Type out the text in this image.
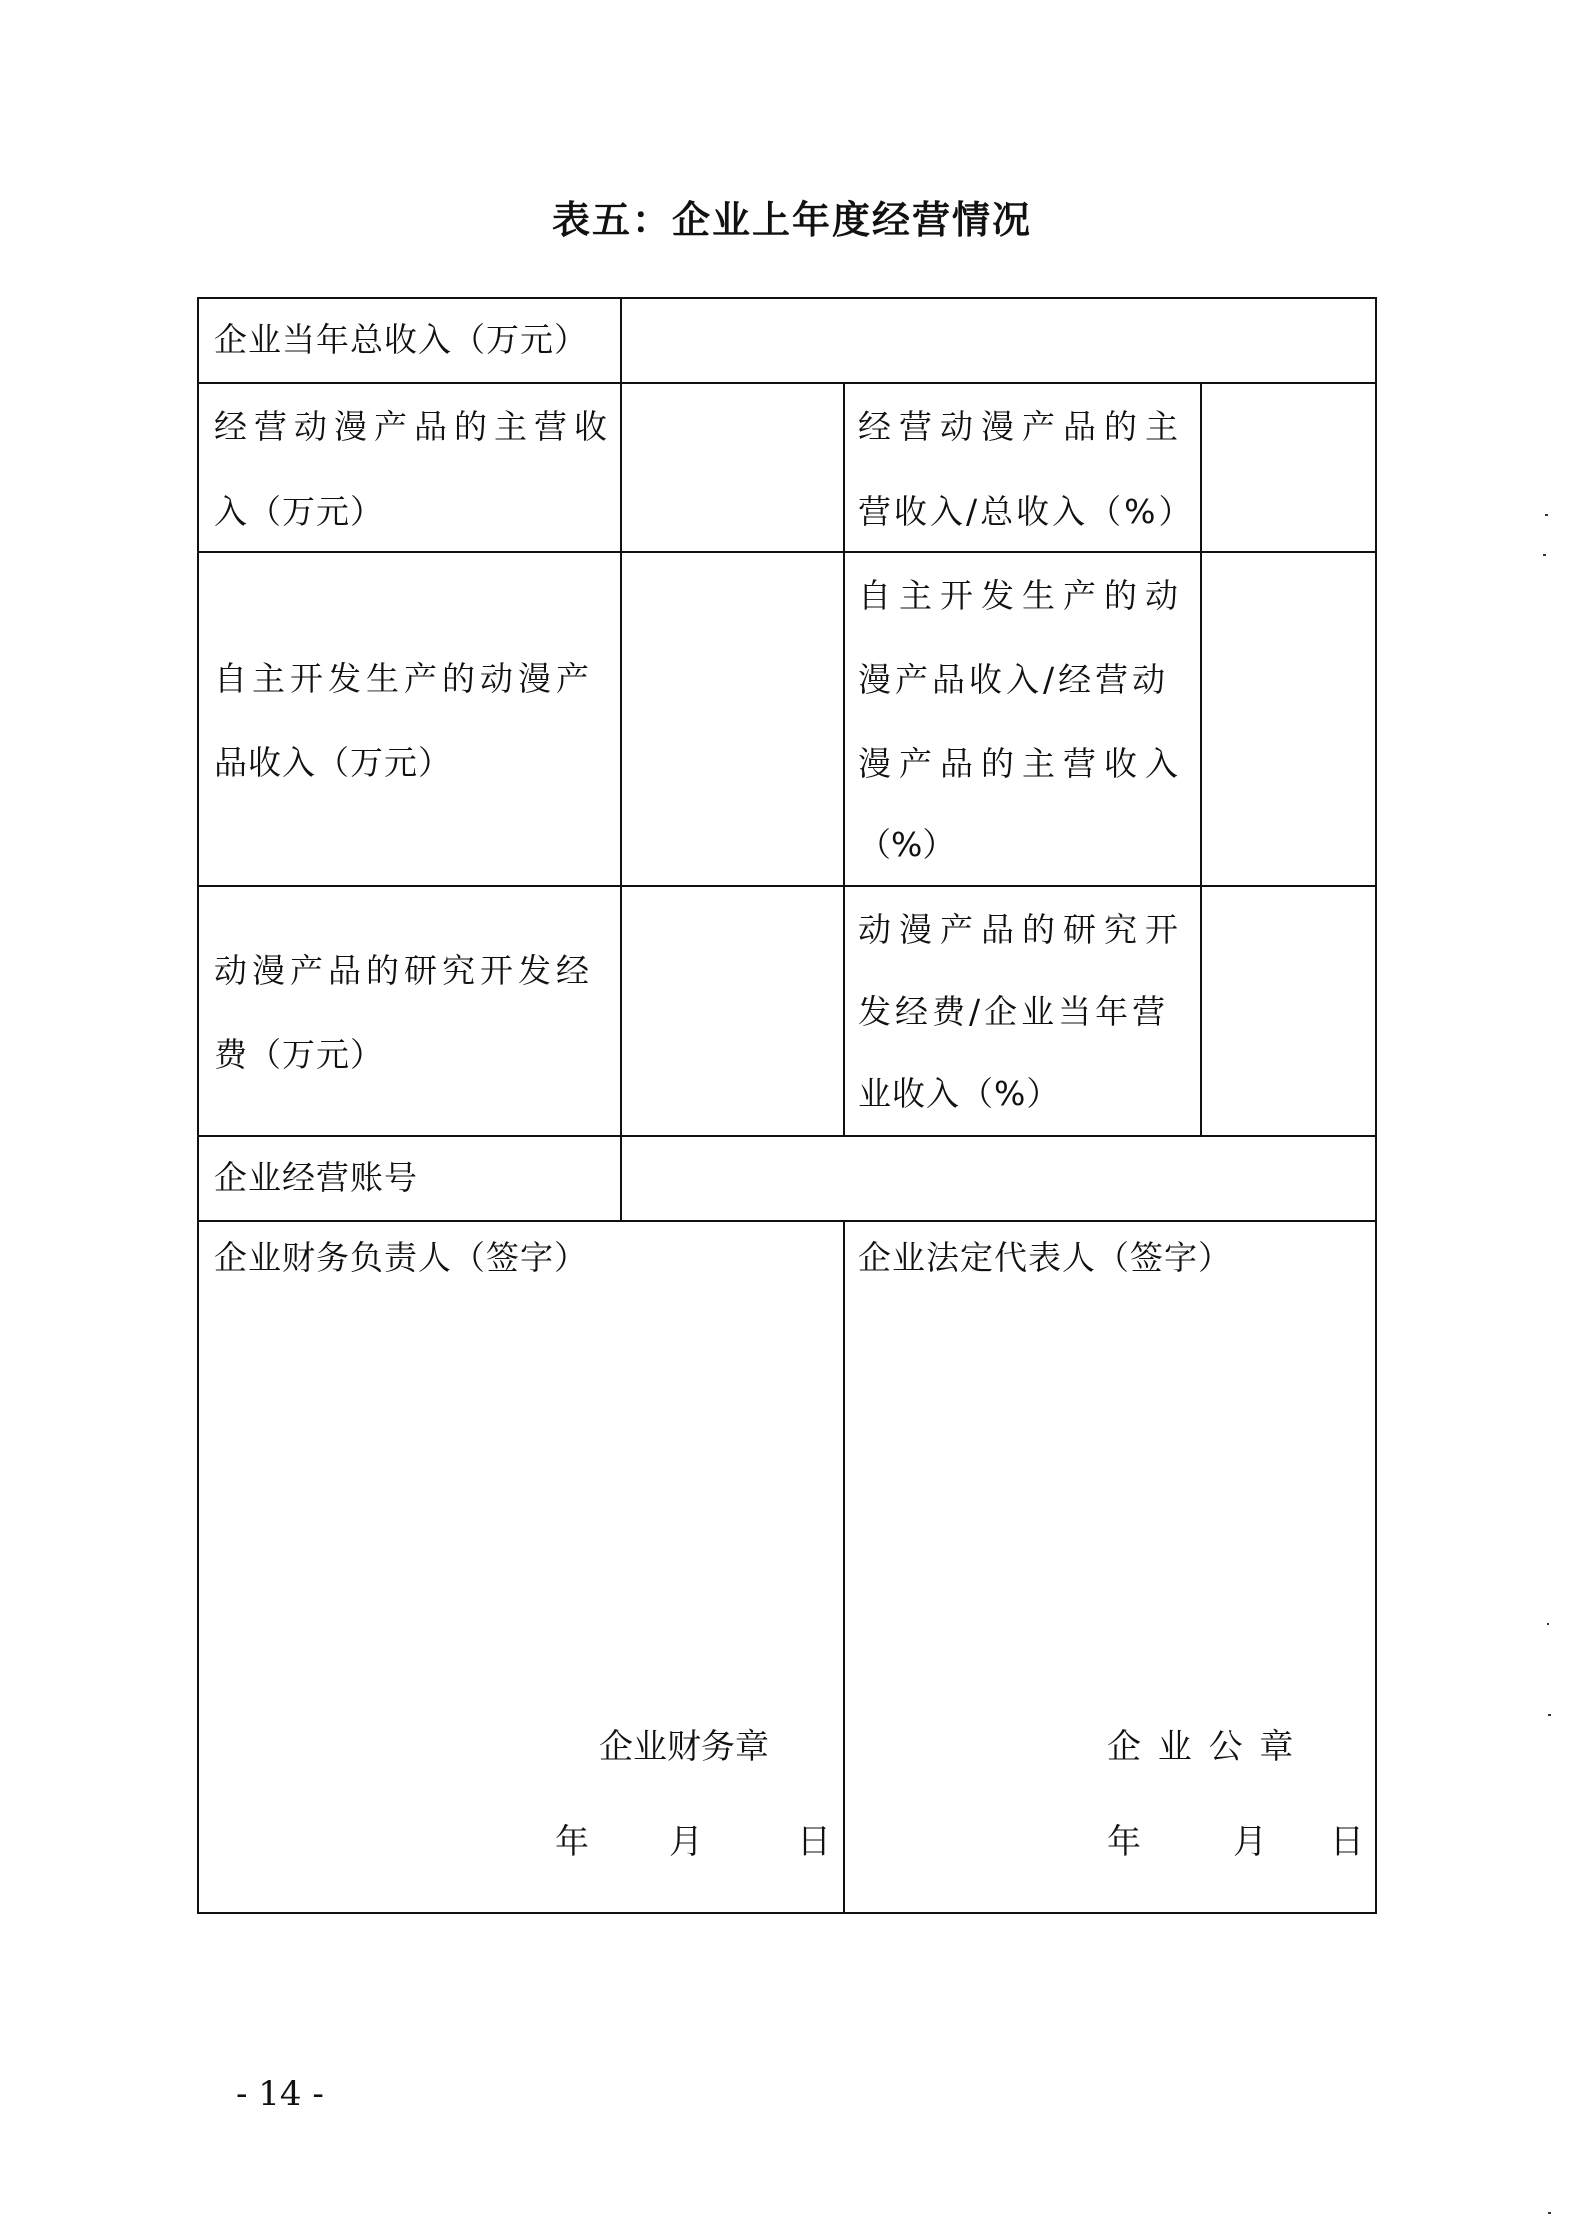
表五：企业上年度经营情况
企业当年总收入（万元）
经营动漫产品的主营收
入（万元）
经营动漫产品的主
营收入/总收入（%）
自主开发生产的动漫产
品收入（万元）
自主开发生产的动
漫产品收入/经营动
漫产品的主营收入
（%）
动漫产品的研究开发经
费（万元）
动漫产品的研究开
发经费/企业当年营
业收入（%）
企业经营账号
企业财务负责人（签字）
企业财务章
年 月	日
企业法定代表人（签字）
企 业 公 章
年	月 日
- 14 -
